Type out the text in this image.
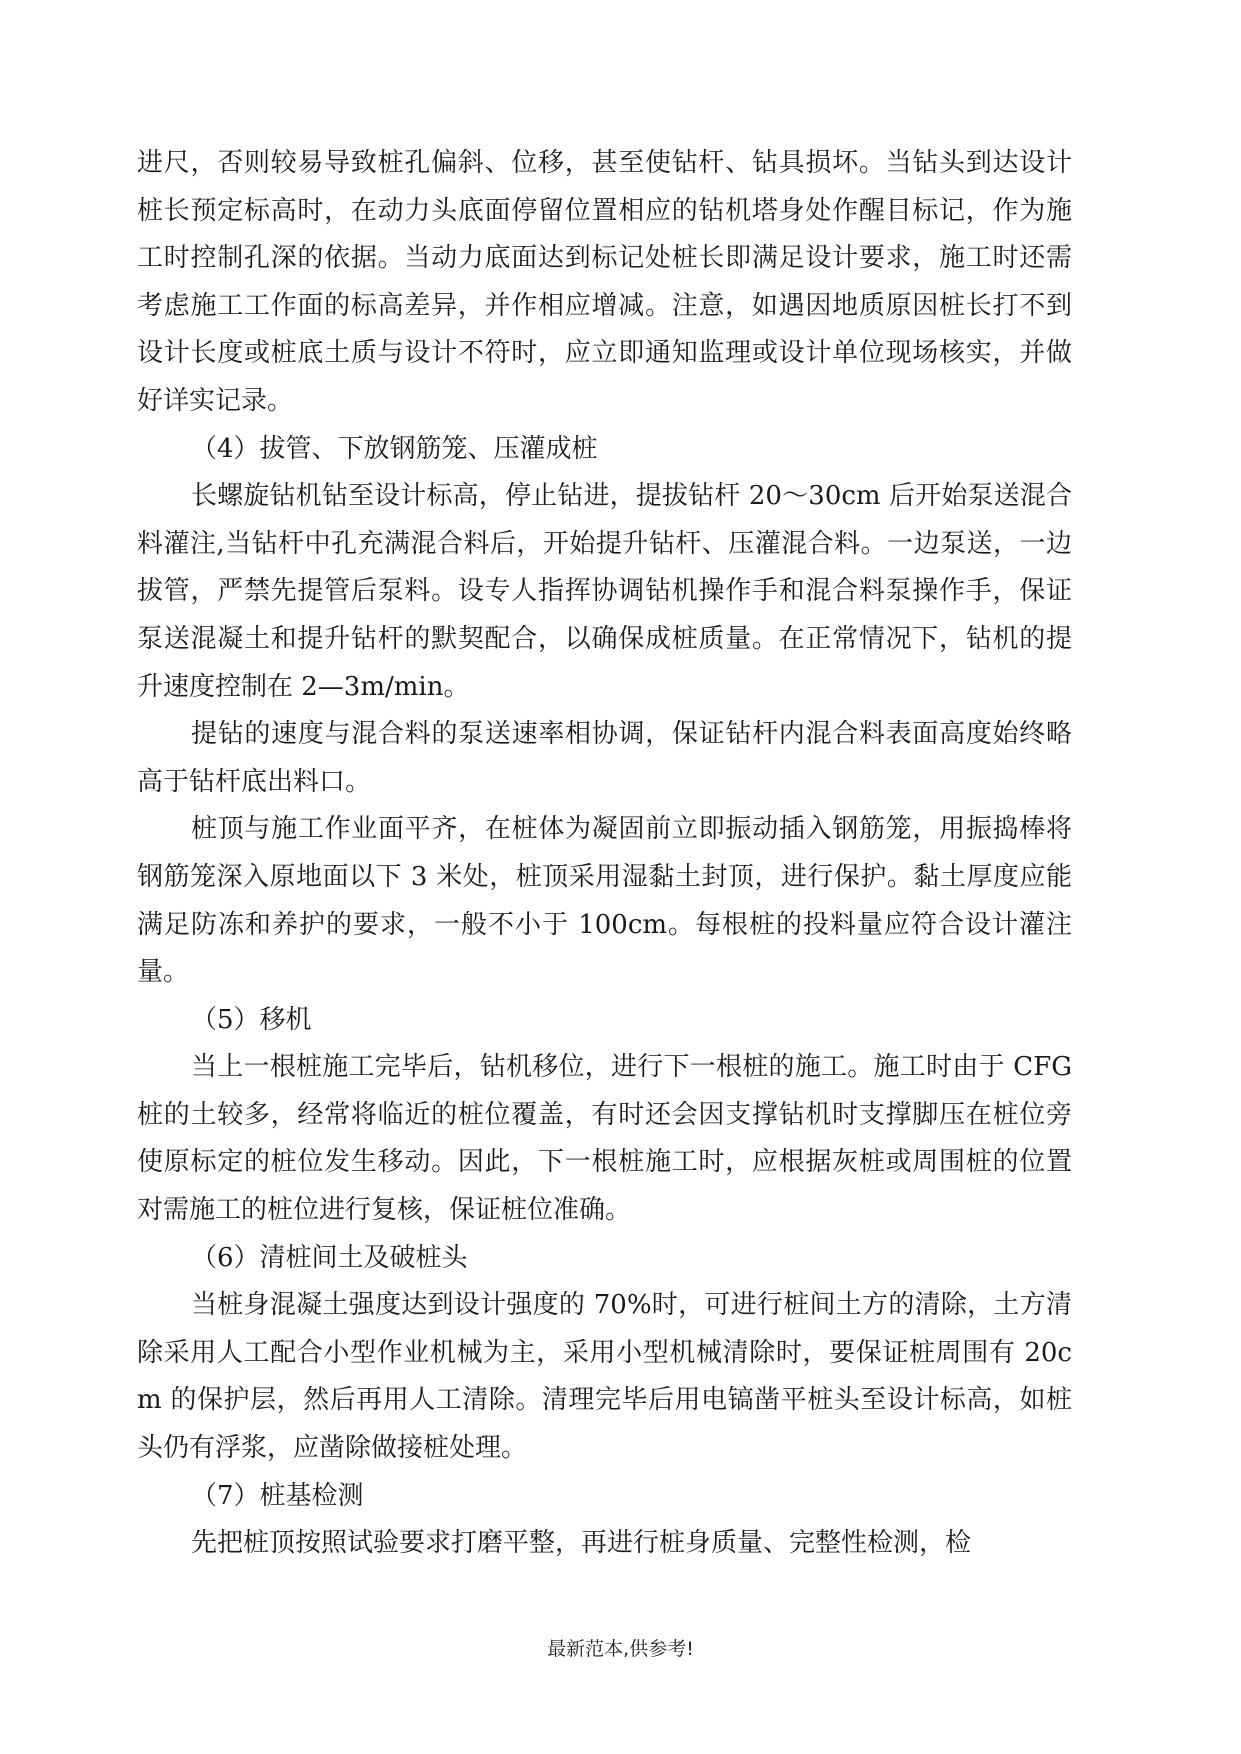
进尺，否则较易导致桩孔偏斜、位移，甚至使钻杆、钻具损坏。当钻头到达设计桩长预定标高时，在动力头底面停留位置相应的钻机塔身处作醒目标记，作为施工时控制孔深的依据。当动力底面达到标记处桩长即满足设计要求，施工时还需考虑施工工作面的标高差异，并作相应增减。注意，如遇因地质原因桩长打不到设计长度或桩底土质与设计不符时，应立即通知监理或设计单位现场核实，并做好详实记录。

（4）拔管、下放钢筋笼、压灌成桩

长螺旋钻机钻至设计标高，停止钻进，提拔钻杆 20～30cm 后开始泵送混合料灌注,当钻杆中孔充满混合料后，开始提升钻杆、压灌混合料。一边泵送，一边拔管，严禁先提管后泵料。设专人指挥协调钻机操作手和混合料泵操作手，保证泵送混凝土和提升钻杆的默契配合，以确保成桩质量。在正常情况下，钻机的提升速度控制在 2—3m/min。

提钻的速度与混合料的泵送速率相协调，保证钻杆内混合料表面高度始终略高于钻杆底出料口。

桩顶与施工作业面平齐，在桩体为凝固前立即振动插入钢筋笼，用振捣棒将钢筋笼深入原地面以下 3 米处，桩顶采用湿黏土封顶，进行保护。黏土厚度应能满足防冻和养护的要求，一般不小于 100cm。每根桩的投料量应符合设计灌注量。

（5）移机

当上一根桩施工完毕后，钻机移位，进行下一根桩的施工。施工时由于 CFG 桩的土较多，经常将临近的桩位覆盖，有时还会因支撑钻机时支撑脚压在桩位旁使原标定的桩位发生移动。因此，下一根桩施工时，应根据灰桩或周围桩的位置对需施工的桩位进行复核，保证桩位准确。

（6）清桩间土及破桩头

当桩身混凝土强度达到设计强度的 70%时，可进行桩间土方的清除，土方清除采用人工配合小型作业机械为主，采用小型机械清除时，要保证桩周围有 20cm 的保护层，然后再用人工清除。清理完毕后用电镐凿平桩头至设计标高，如桩头仍有浮浆，应凿除做接桩处理。

（7）桩基检测

先把桩顶按照试验要求打磨平整，再进行桩身质量、完整性检测，检

最新范本,供参考!
